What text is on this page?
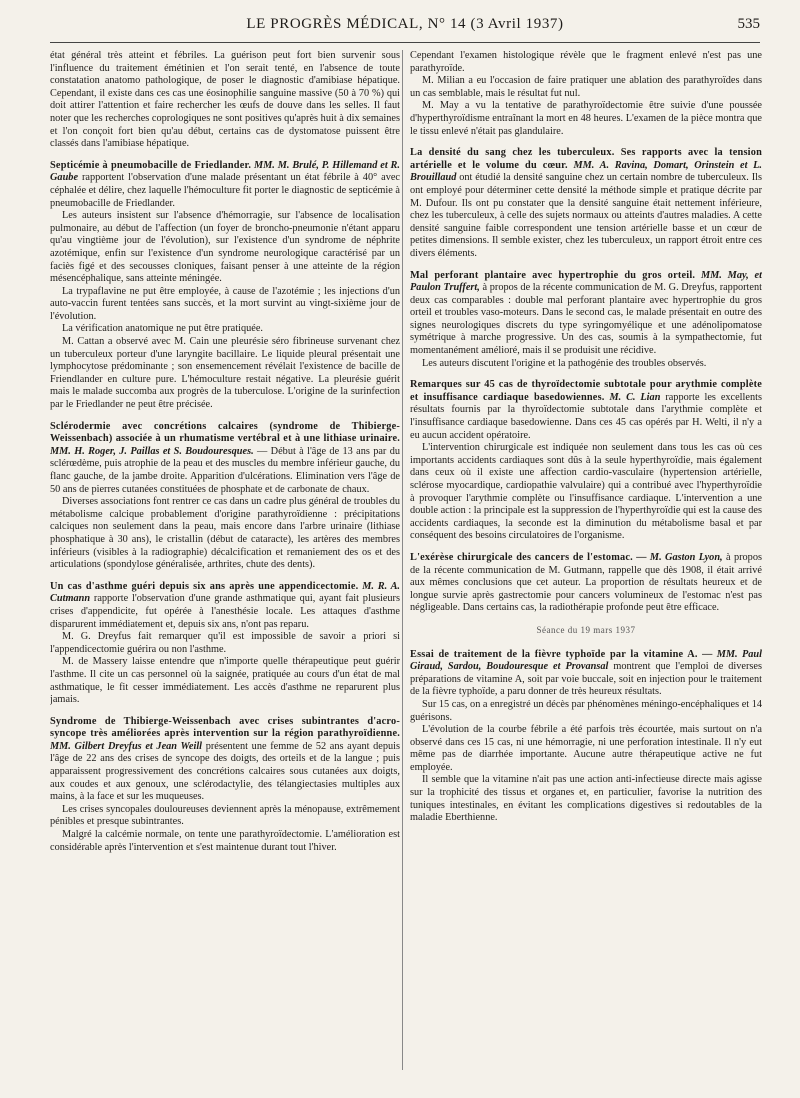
LE PROGRÈS MÉDICAL, N° 14 (3 Avril 1937)	535

état général très atteint et fébriles. La guérison peut fort bien survenir sous l'influence du traitement émétinien et l'on serait tenté, en l'absence de toute constatation anatomo pathologique, de poser le diagnostic d'amibiase hépatique. Cependant, il existe dans ces cas une éosinophilie sanguine massive (50 à 70 %) qui doit attirer l'attention et faire rechercher les œufs de douve dans les selles. Il faut noter que les recherches coprologiques ne sont positives qu'après huit à dix semaines et l'on conçoit fort bien qu'au début, certains cas de dystomatose puissent être classés dans l'amibiase hépatique.

Septicémie à pneumobacille de Friedlander. MM. M. Brulé, P. Hillemand et R. Gaube rapportent l'observation d'une malade présentant un état fébrile à 40° avec céphalée et délire, chez laquelle l'hémoculture fit porter le diagnostic de septicémie à pneumobacille de Friedlander.

Les auteurs insistent sur l'absence d'hémorragie, sur l'absence de localisation pulmonaire, au début de l'affection (un foyer de broncho-pneumonie n'étant apparu qu'au vingtième jour de l'évolution), sur l'existence d'un syndrome de néphrite azotémique, enfin sur l'existence d'un syndrome neurologique caractérisé par un faciès figé et des secousses cloniques, faisant penser à une atteinte de la région mésencéphalique, sans atteinte méningée.

La trypaflavine ne put être employée, à cause de l'azotémie ; les injections d'un auto-vaccin furent tentées sans succès, et la mort survint au vingt-sixième jour de l'évolution.

La vérification anatomique ne put être pratiquée.

M. Cattan a observé avec M. Cain une pleurésie séro fibrineuse survenant chez un tuberculeux porteur d'une laryngite bacillaire. Le liquide pleural présentait une lymphocytose prédominante ; son ensemencement révélait l'existence de bacille de Friendlander en culture pure. L'hémoculture restait négative. La pleurésie guérit mais le malade succomba aux progrès de la tuberculose. L'origine de la surinfection par le Friedlander ne peut être précisée.

Sclérodermie avec concrétions calcaires (syndrome de Thibierge-Weissenbach) associée à un rhumatisme vertébral et à une lithiase urinaire. MM. H. Roger, J. Paillas et S. Boudouresques. — Début à l'âge de 13 ans par du sclérœdème, puis atrophie de la peau et des muscles du membre inférieur gauche, du flanc gauche, de la jambe droite. Apparition d'ulcérations. Elimination vers l'âge de 50 ans de pierres cutanées constituées de phosphate et de carbonate de chaux.

Diverses associations font rentrer ce cas dans un cadre plus général de troubles du métabolisme calcique probablement d'origine parathyroïdienne : précipitations calciques non seulement dans la peau, mais encore dans l'arbre urinaire (lithiase phosphatique à 30 ans), le cristallin (début de cataracte), les artères des membres inférieurs (visibles à la radiographie) décalcification et remaniement des os et des articulations (spondylose généralisée, arthrites, chute des dents).

Un cas d'asthme guéri depuis six ans après une appendicectomie. M. R. A. Cutmann rapporte l'observation d'une grande asthmatique qui, ayant fait plusieurs crises d'appendicite, fut opérée à l'anesthésie locale. Les attaques d'asthme disparurent immédiatement et, depuis six ans, n'ont pas reparu.

M. G. Dreyfus fait remarquer qu'il est impossible de savoir a priori si l'appendicectomie guérira ou non l'asthme.

M. de Massery laisse entendre que n'importe quelle thérapeutique peut guérir l'asthme. Il cite un cas personnel où la saignée, pratiquée au cours d'un état de mal asthmatique, le fit cesser immédiatement. Les accès d'asthme ne reparurent plus jamais.

Syndrome de Thibierge-Weissenbach avec crises subintrantes d'acro-syncope très améliorées après intervention sur la région parathyroïdienne. MM. Gilbert Dreyfus et Jean Weill présentent une femme de 52 ans ayant depuis l'âge de 22 ans des crises de syncope des doigts, des orteils et de la langue ; puis apparaissent progressivement des concrétions calcaires sous cutanées aux doigts, aux coudes et aux genoux, une sclérodactylie, des télangiectasies multiples aux mains, à la face et sur les muqueuses.

Les crises syncopales douloureuses deviennent après la ménopause, extrêmement pénibles et presque subintrantes.

Malgré la calcémie normale, on tente une parathyroïdectomie. L'amélioration est considérable après l'intervention et s'est maintenue durant tout l'hiver.

Cependant l'examen histologique révèle que le fragment enlevé n'est pas une parathyroïde.

M. Milian a eu l'occasion de faire pratiquer une ablation des parathyroïdes dans un cas semblable, mais le résultat fut nul.

M. May a vu la tentative de parathyroïdectomie être suivie d'une poussée d'hyperthyroïdisme entraînant la mort en 48 heures. L'examen de la pièce montra que le tissu enlevé n'était pas glandulaire.

La densité du sang chez les tuberculeux. Ses rapports avec la tension artérielle et le volume du cœur. MM. A. Ravina, Domart, Orinstein et L. Brouillaud ont étudié la densité sanguine chez un certain nombre de tuberculeux. Ils ont employé pour déterminer cette densité la méthode simple et pratique décrite par M. Dufour. Ils ont pu constater que la densité sanguine était nettement inférieure, chez les tuberculeux, à celle des sujets normaux ou atteints d'autres maladies. A cette densité sanguine faible correspondent une tension artérielle basse et un cœur de petites dimensions. Il semble exister, chez les tuberculeux, un rapport étroit entre ces divers éléments.

Mal perforant plantaire avec hypertrophie du gros orteil. MM. May, et Paulon Truffert, à propos de la récente communication de M. G. Dreyfus, rapportent deux cas comparables : double mal perforant plantaire avec hypertrophie du gros orteil et troubles vaso-moteurs. Dans le second cas, le malade présentait en outre des signes neurologiques discrets du type syringomyélique et une adénolipomatose symétrique à marche progressive. Un des cas, soumis à la sympathectomie, fut momentanément amélioré, mais il se produisit une récidive.

Les auteurs discutent l'origine et la pathogénie des troubles observés.

Remarques sur 45 cas de thyroïdectomie subtotale pour arythmie complète et insuffisance cardiaque basedowiennes. M. C. Lian rapporte les excellents résultats fournis par la thyroïdectomie subtotale dans l'arythmie complète et l'insuffisance cardiaque basedowienne. Dans ces 45 cas opérés par H. Welti, il n'y a eu aucun accident opératoire.

L'intervention chirurgicale est indiquée non seulement dans tous les cas où ces importants accidents cardiaques sont dûs à la seule hyperthyroïdie, mais également dans ceux où il existe une affection cardio-vasculaire (hypertension artérielle, sclérose myocardique, cardiopathie valvulaire) qui a contribué avec l'hyperthyroïdie à provoquer l'arythmie complète ou l'insuffisance cardiaque. L'intervention a une double action : la principale est la suppression de l'hyperthyroïdie qui est la cause des accidents cardiaques, la seconde est la diminution du métabolisme basal et par conséquent des besoins circulatoires de l'organisme.

L'exérèse chirurgicale des cancers de l'estomac. — M. Gaston Lyon, à propos de la récente communication de M. Gutmann, rappelle que dès 1908, il était arrivé aux mêmes conclusions que cet auteur. La proportion de résultats heureux et de longue survie après gastrectomie pour cancers volumineux de l'estomac n'est pas négligeable. Dans certains cas, la radiothérapie profonde peut être efficace.

Séance du 19 mars 1937

Essai de traitement de la fièvre typhoïde par la vitamine A. — MM. Paul Giraud, Sardou, Boudouresque et Provansal montrent que l'emploi de diverses préparations de vitamine A, soit par voie buccale, soit en injection pour le traitement de la fièvre typhoïde, a paru donner de très heureux résultats.

Sur 15 cas, on a enregistré un décès par phénomènes méningo-encéphaliques et 14 guérisons.

L'évolution de la courbe fébrile a été parfois très écourtée, mais surtout on n'a observé dans ces 15 cas, ni une hémorragie, ni une perforation intestinale. Il n'y eut même pas de diarrhée importante. Aucune autre thérapeutique active ne fut employée.

Il semble que la vitamine n'ait pas une action anti-infectieuse directe mais agisse sur la trophicité des tissus et organes et, en particulier, favorise la nutrition des tuniques intestinales, en évitant les complications digestives si redoutables de la maladie Eberthienne.
